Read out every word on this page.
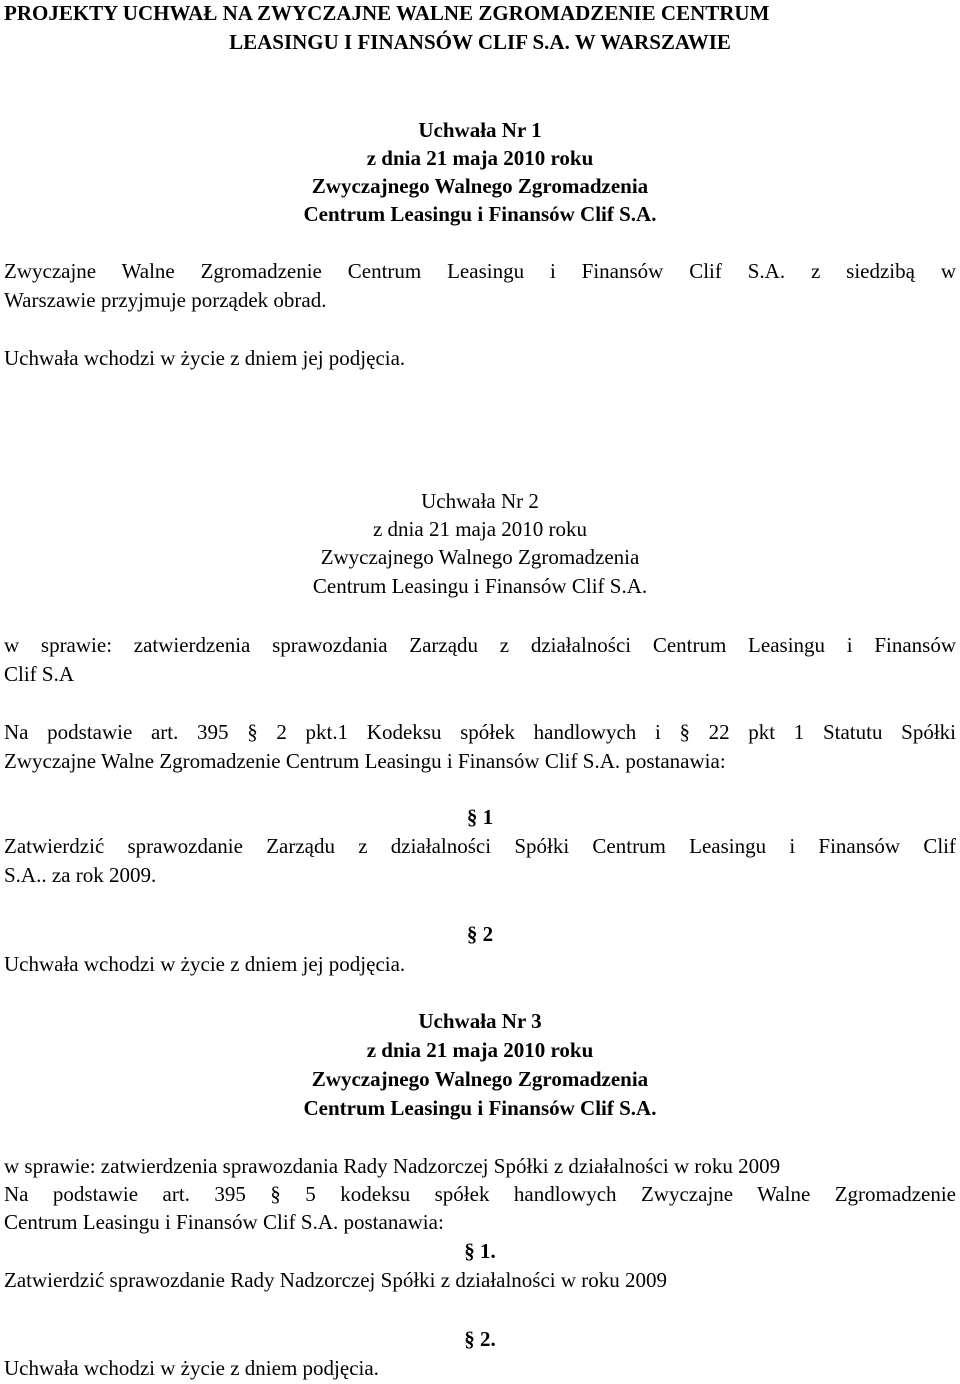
PROJEKTY UCHWAŁ NA ZWYCZAJNE WALNE ZGROMADZENIE CENTRUM
LEASINGU I FINANSÓW CLIF S.A. W WARSZAWIE
Uchwała Nr 1
z dnia 21 maja 2010 roku
Zwyczajnego Walnego Zgromadzenia
Centrum Leasingu i Finansów Clif S.A.
Zwyczajne Walne Zgromadzenie Centrum Leasingu i Finansów Clif S.A. z siedzibą w
Warszawie przyjmuje porządek obrad.
Uchwała wchodzi w życie z dniem jej podjęcia.
Uchwała Nr 2
z dnia 21 maja 2010 roku
Zwyczajnego Walnego Zgromadzenia
Centrum Leasingu i Finansów Clif S.A.
w sprawie: zatwierdzenia sprawozdania Zarządu z działalności Centrum Leasingu i Finansów
Clif S.A
Na podstawie art. 395 § 2 pkt.1 Kodeksu spółek handlowych i § 22 pkt 1 Statutu Spółki
Zwyczajne Walne Zgromadzenie Centrum Leasingu i Finansów Clif S.A. postanawia:
§ 1
Zatwierdzić sprawozdanie Zarządu z działalności Spółki Centrum Leasingu i Finansów Clif
S.A.. za rok 2009.
§ 2
Uchwała wchodzi w życie z dniem jej podjęcia.
Uchwała Nr 3
z dnia 21 maja 2010 roku
Zwyczajnego Walnego Zgromadzenia
Centrum Leasingu i Finansów Clif S.A.
w sprawie: zatwierdzenia sprawozdania Rady Nadzorczej Spółki z działalności w roku 2009
Na podstawie art. 395 § 5 kodeksu spółek handlowych Zwyczajne Walne Zgromadzenie
Centrum Leasingu i Finansów Clif S.A. postanawia:
§ 1.
Zatwierdzić sprawozdanie Rady Nadzorczej Spółki z działalności w roku 2009
§ 2.
Uchwała wchodzi w życie z dniem podjęcia.
